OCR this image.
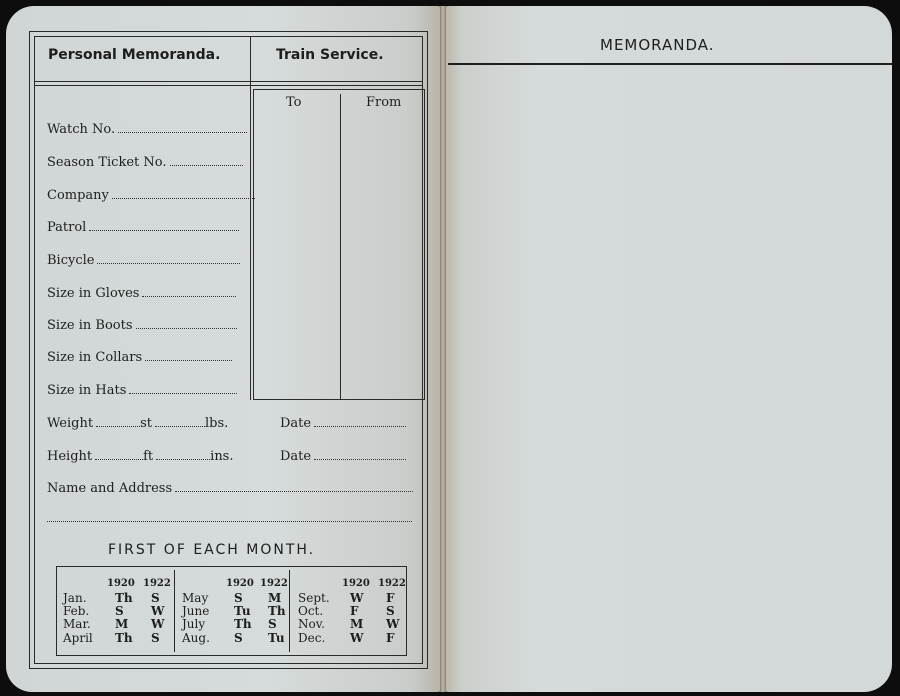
Personal Memoranda.	Train Service.
To	From
Watch No.
Season Ticket No.
Company
Patrol
Bicycle
Size in Gloves
Size in Boots
Size in Collars
Size in Hats
Weight	st	lbs.	Date
Height	ft	ins.	Date
Name and Address
FIRST OF EACH MONTH.
1920 1922
Jan. Th S
Feb. S W
Mar. M W
April Th S
1920 1922
May S M
June Tu Th
July Th S
Aug. S Tu
1920 1922
Sept. W F
Oct. F S
Nov. M W
Dec. W F
MEMORANDA.
